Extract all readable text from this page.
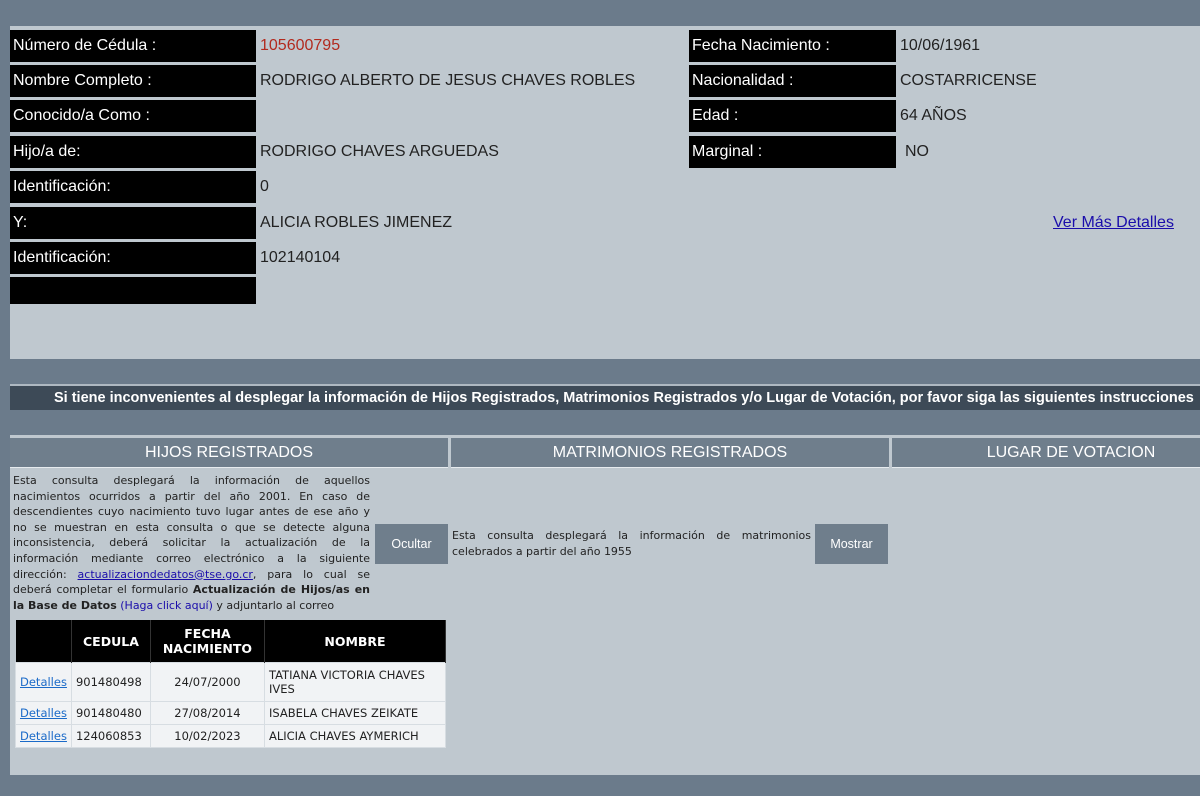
Número de Cédula :	105600795
Nombre Completo :	RODRIGO ALBERTO DE JESUS CHAVES ROBLES
Conocido/a Como :
Hijo/a de:	RODRIGO CHAVES ARGUEDAS
Identificación:	0
Y:	ALICIA ROBLES JIMENEZ
Identificación:	102140104
Fecha Nacimiento :	10/06/1961
Nacionalidad :	COSTARRICENSE
Edad :	64 AÑOS
Marginal :	NO
Ver Más Detalles
Si tiene inconvenientes al desplegar la información de Hijos Registrados, Matrimonios Registrados y/o Lugar de Votación, por favor siga las siguientes instrucciones
HIJOS REGISTRADOS	MATRIMONIOS REGISTRADOS	LUGAR DE VOTACION
Esta consulta desplegará la información de aquellos nacimientos ocurridos a partir del año 2001. En caso de descendientes cuyo nacimiento tuvo lugar antes de ese año y no se muestran en esta consulta o que se detecte alguna inconsistencia, deberá solicitar la actualización de la información mediante correo electrónico a la siguiente dirección: actualizaciondedatos@tse.go.cr, para lo cual se deberá completar el formulario Actualización de Hijos/as en la Base de Datos (Haga click aquí) y adjuntarlo al correo
Ocultar
Esta consulta desplegará la información de matrimonios celebrados a partir del año 1955
Mostrar
	CEDULA	FECHA NACIMIENTO	NOMBRE
Detalles	901480498	24/07/2000	TATIANA VICTORIA CHAVES IVES
Detalles	901480480	27/08/2014	ISABELA CHAVES ZEIKATE
Detalles	124060853	10/02/2023	ALICIA CHAVES AYMERICH
